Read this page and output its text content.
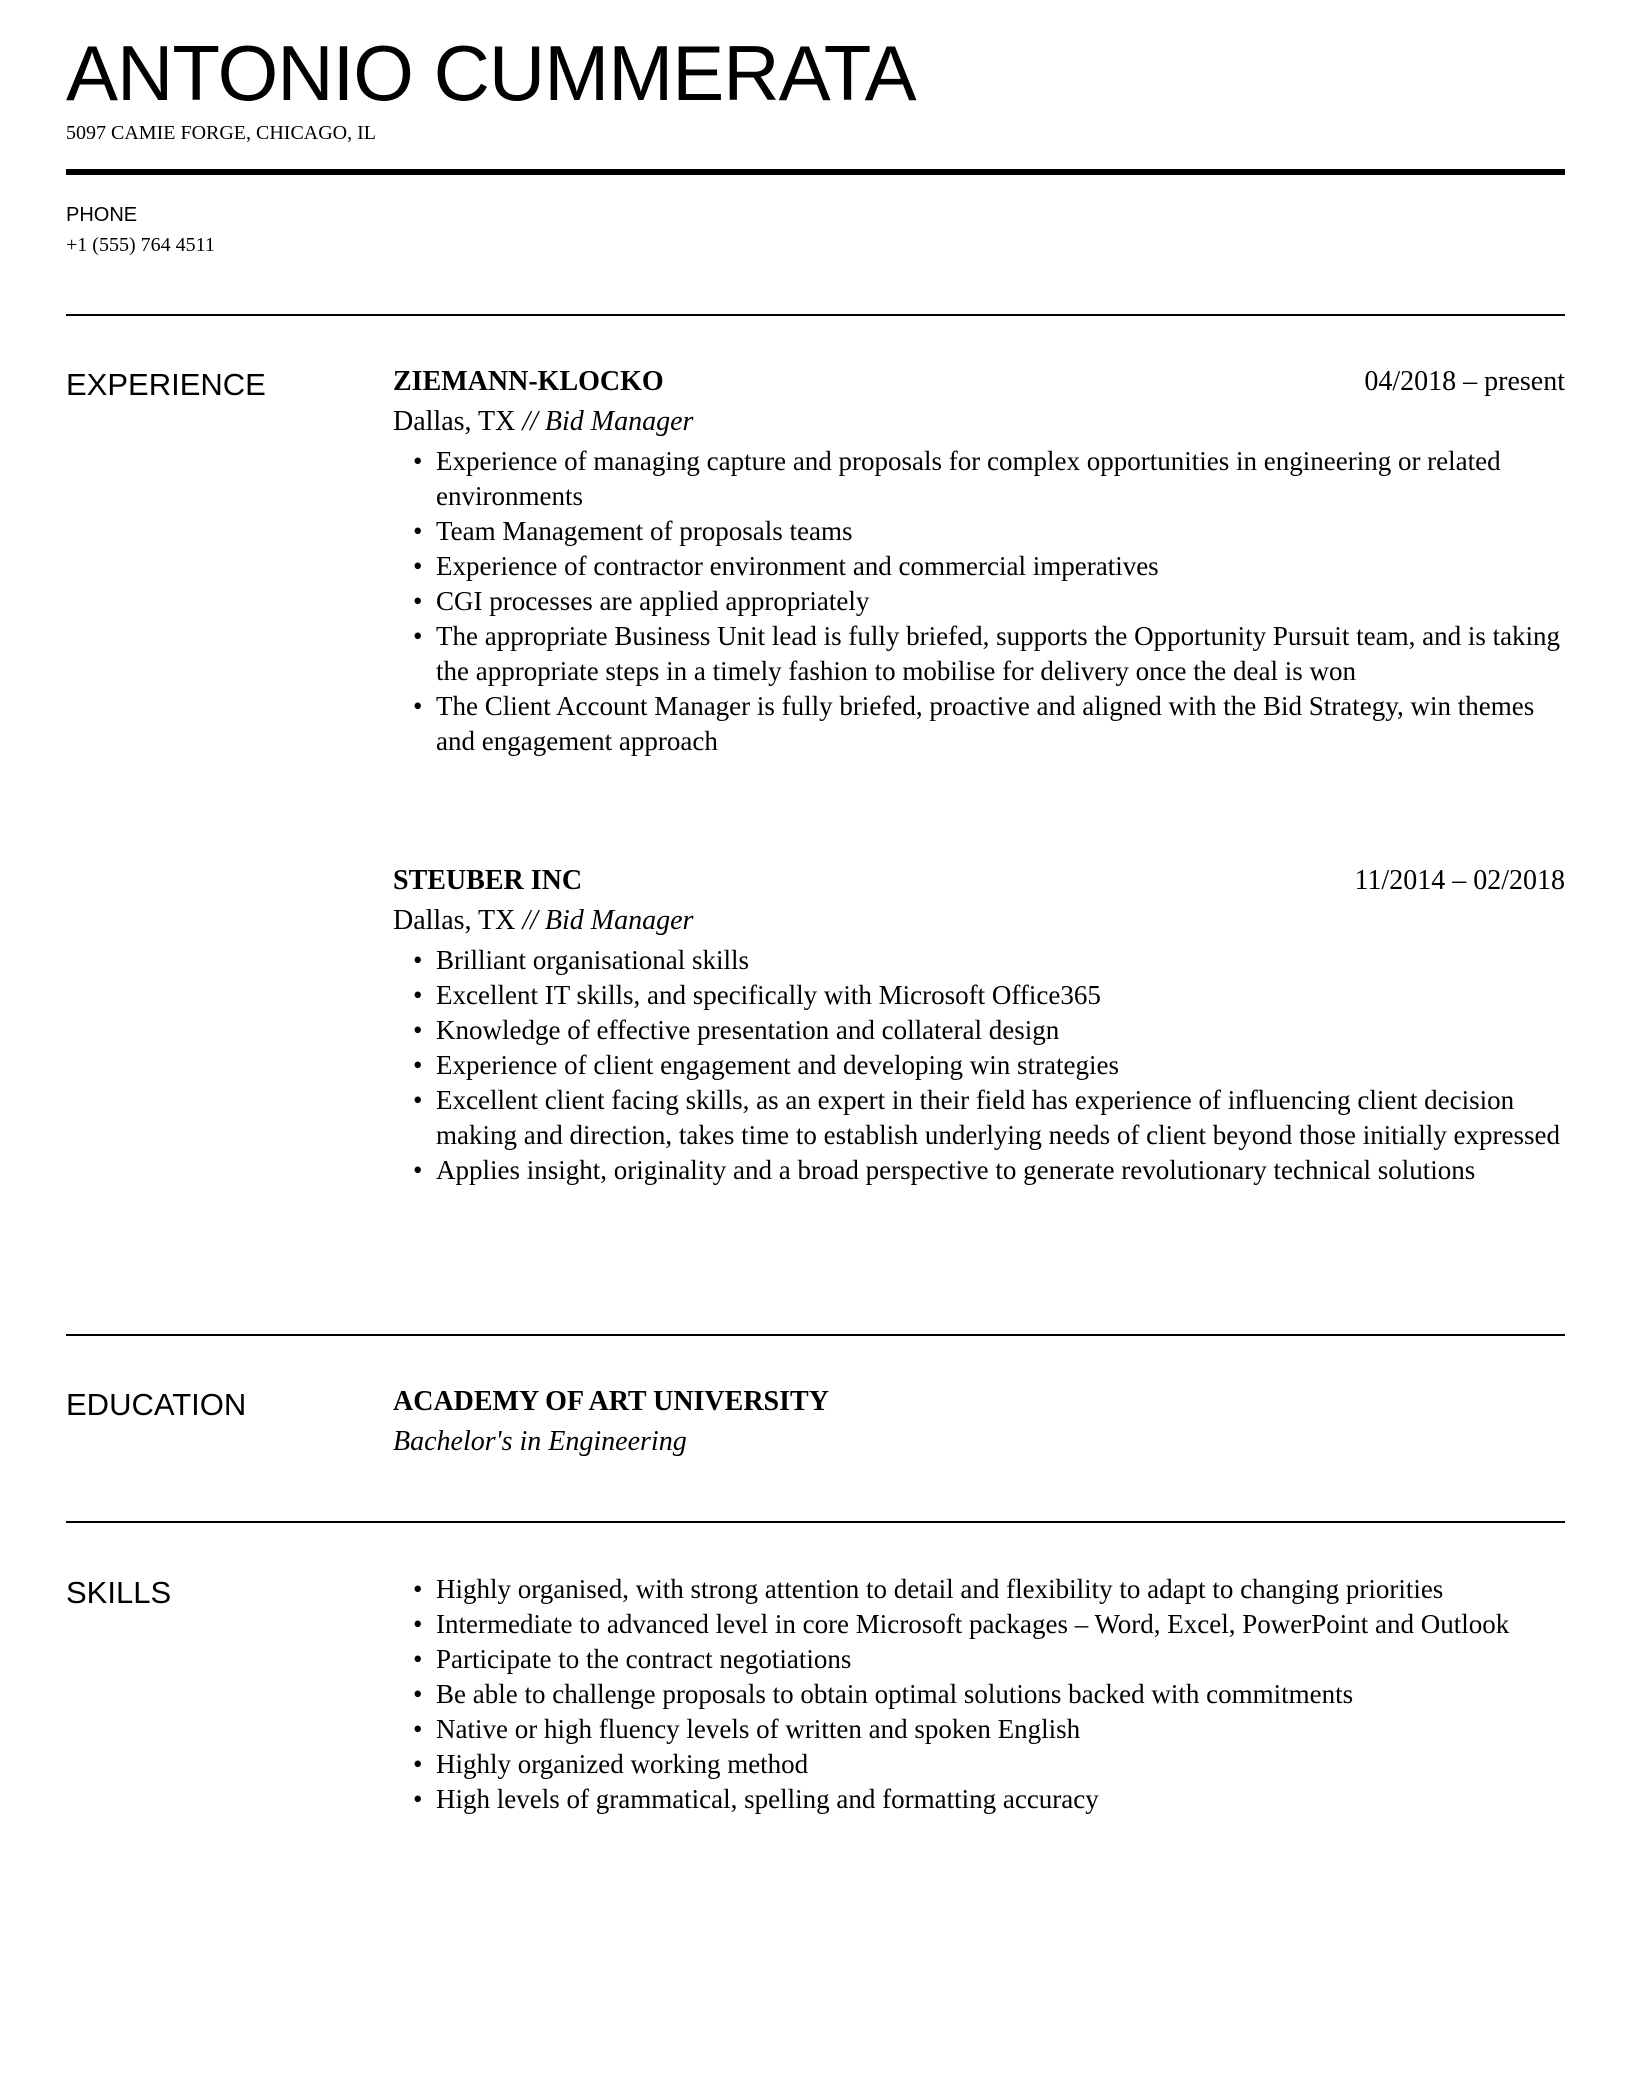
ANTONIO CUMMERATA
5097 CAMIE FORGE, CHICAGO, IL
PHONE
+1 (555) 764 4511
EXPERIENCE	ZIEMANN-KLOCKO	04/2018 – present
Dallas, TX // Bid Manager
• Experience of managing capture and proposals for complex opportunities in engineering or related environments
• Team Management of proposals teams
• Experience of contractor environment and commercial imperatives
• CGI processes are applied appropriately
• The appropriate Business Unit lead is fully briefed, supports the Opportunity Pursuit team, and is taking the appropriate steps in a timely fashion to mobilise for delivery once the deal is won
• The Client Account Manager is fully briefed, proactive and aligned with the Bid Strategy, win themes and engagement approach
STEUBER INC	11/2014 – 02/2018
Dallas, TX // Bid Manager
• Brilliant organisational skills
• Excellent IT skills, and specifically with Microsoft Office365
• Knowledge of effective presentation and collateral design
• Experience of client engagement and developing win strategies
• Excellent client facing skills, as an expert in their field has experience of influencing client decision making and direction, takes time to establish underlying needs of client beyond those initially expressed
• Applies insight, originality and a broad perspective to generate revolutionary technical solutions
EDUCATION	ACADEMY OF ART UNIVERSITY
Bachelor's in Engineering
SKILLS	• Highly organised, with strong attention to detail and flexibility to adapt to changing priorities
• Intermediate to advanced level in core Microsoft packages – Word, Excel, PowerPoint and Outlook
• Participate to the contract negotiations
• Be able to challenge proposals to obtain optimal solutions backed with commitments
• Native or high fluency levels of written and spoken English
• Highly organized working method
• High levels of grammatical, spelling and formatting accuracy
